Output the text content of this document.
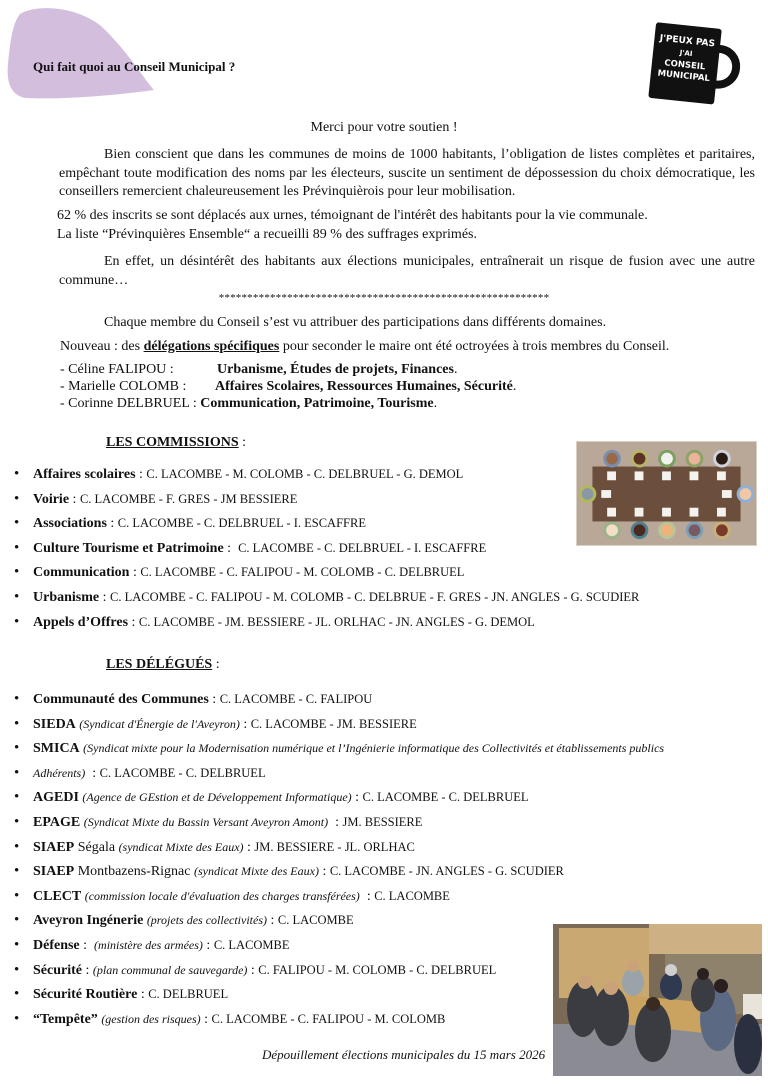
Qui fait quoi au Conseil Municipal ?
J'PEUX PAS
J'AI
CONSEIL
MUNICIPAL
Merci pour votre soutien !
Bien conscient que dans les communes de moins de 1000 habitants, l’obligation de listes complètes et paritaires, empêchant toute modification des noms par les électeurs, suscite un sentiment de dépossession du choix démocratique, les conseillers remercient chaleureusement les Prévinquièrois pour leur mobilisation.
62 % des inscrits se sont déplacés aux urnes, témoignant de l'intérêt des habitants pour la vie communale.
La liste “Prévinquières Ensemble“ a recueilli 89 % des suffrages exprimés.
En effet, un désintérêt des habitants aux élections municipales, entraînerait un risque de fusion avec une autre commune…
**********************************************************
Chaque membre du Conseil s’est vu attribuer des participations dans différents domaines.
Nouveau : des délégations spécifiques pour seconder le maire ont été octroyées à trois membres du Conseil.
- Céline FALIPOU :	Urbanisme, Études de projets, Finances .
- Marielle COLOMB :	Affaires Scolaires, Ressources Humaines, Sécurité .
- Corinne DELBRUEL : Communication, Patrimoine, Tourisme .
LES COMMISSIONS :
• Affaires scolaires : C. LACOMBE - M. COLOMB - C. DELBRUEL - G. DEMOL
• Voirie : C. LACOMBE - F. GRES - JM BESSIERE
• Associations : C. LACOMBE - C. DELBRUEL - I. ESCAFFRE
• Culture Tourisme et Patrimoine :  C. LACOMBE - C. DELBRUEL - I. ESCAFFRE
• Communication : C. LACOMBE - C. FALIPOU - M. COLOMB - C. DELBRUEL
• Urbanisme : C. LACOMBE - C. FALIPOU - M. COLOMB - C. DELBRUE - F. GRES - JN. ANGLES - G. SCUDIER
• Appels d’Offres : C. LACOMBE - JM. BESSIERE - JL. ORLHAC - JN. ANGLES - G. DEMOL
LES DÉLÉGUÉS :
• Communauté des Communes : C. LACOMBE - C. FALIPOU
• SIEDA (Syndicat d'Énergie de l'Aveyron) : C. LACOMBE - JM. BESSIERE
• SMICA (Syndicat mixte pour la Modernisation numérique et l’Ingénierie informatique des Collectivités et établissements publics
• Adhérents)  : C. LACOMBE - C. DELBRUEL
• AGEDI (Agence de GEstion et de Développement Informatique) : C. LACOMBE - C. DELBRUEL
• EPAGE (Syndicat Mixte du Bassin Versant Aveyron Amont)  : JM. BESSIERE
• SIAEP Ségala (syndicat Mixte des Eaux) : JM. BESSIERE - JL. ORLHAC
• SIAEP Montbazens-Rignac (syndicat Mixte des Eaux) : C. LACOMBE - JN. ANGLES - G. SCUDIER
• CLECT (commission locale d'évaluation des charges transférées)  : C. LACOMBE
• Aveyron Ingénerie (projets des collectivités) : C. LACOMBE
• Défense :  (ministère des armées) : C. LACOMBE
• Sécurité : (plan communal de sauvegarde) : C. FALIPOU - M. COLOMB - C. DELBRUEL
• Sécurité Routière : C. DELBRUEL
• “Tempête” (gestion des risques) : C. LACOMBE - C. FALIPOU - M. COLOMB
Dépouillement élections municipales du 15 mars 2026
